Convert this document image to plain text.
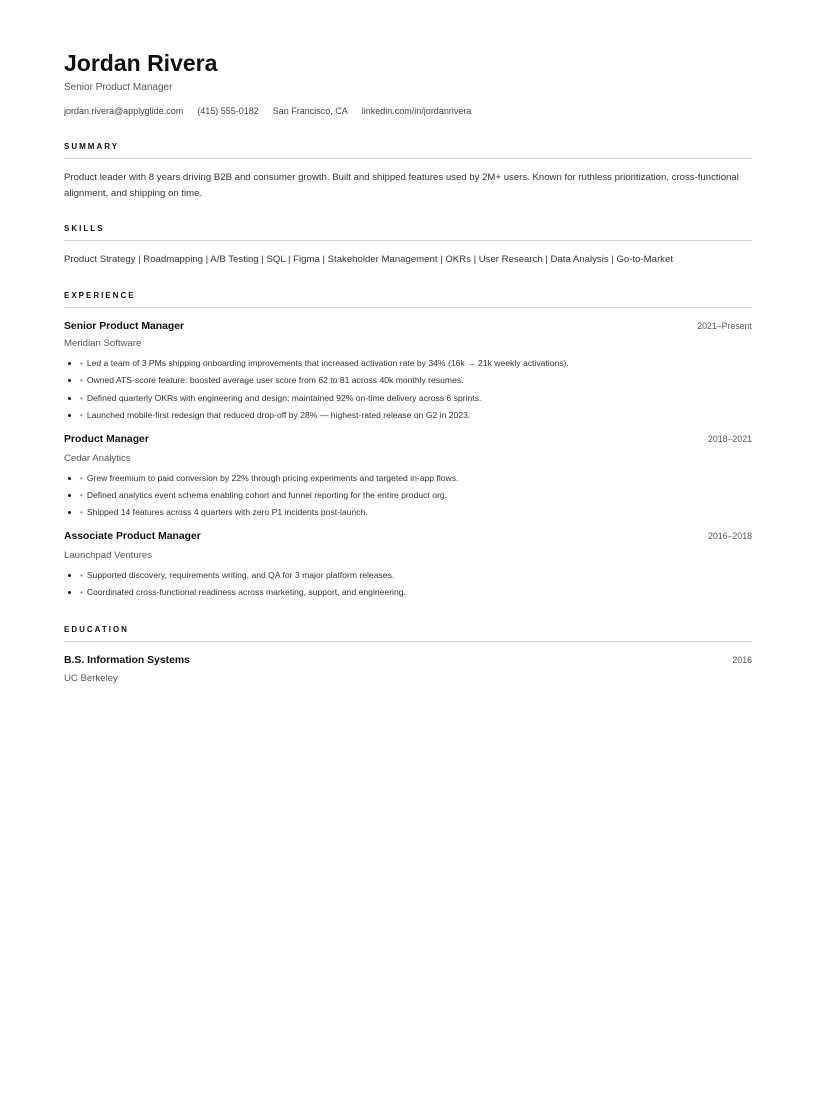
Jordan Rivera
Senior Product Manager
jordan.rivera@applyglide.com (415) 555-0182 San Francisco, CA linkedin.com/in/jordanrivera
SUMMARY
Product leader with 8 years driving B2B and consumer growth. Built and shipped features used by 2M+ users. Known for ruthless prioritization, cross-functional alignment, and shipping on time.
SKILLS
Product Strategy | Roadmapping | A/B Testing | SQL | Figma | Stakeholder Management | OKRs | User Research | Data Analysis | Go-to-Market
EXPERIENCE
Senior Product Manager	2021–Present
Meridian Software
• • Led a team of 3 PMs shipping onboarding improvements that increased activation rate by 34% (16k → 21k weekly activations).
• • Owned ATS-score feature: boosted average user score from 62 to 81 across 40k monthly resumes.
• • Defined quarterly OKRs with engineering and design; maintained 92% on-time delivery across 6 sprints.
• • Launched mobile-first redesign that reduced drop-off by 28% — highest-rated release on G2 in 2023.
Product Manager	2018–2021
Cedar Analytics
• • Grew freemium to paid conversion by 22% through pricing experiments and targeted in-app flows.
• • Defined analytics event schema enabling cohort and funnel reporting for the entire product org.
• • Shipped 14 features across 4 quarters with zero P1 incidents post-launch.
Associate Product Manager	2016–2018
Launchpad Ventures
• • Supported discovery, requirements writing, and QA for 3 major platform releases.
• • Coordinated cross-functional readiness across marketing, support, and engineering.
EDUCATION
B.S. Information Systems	2016
UC Berkeley
